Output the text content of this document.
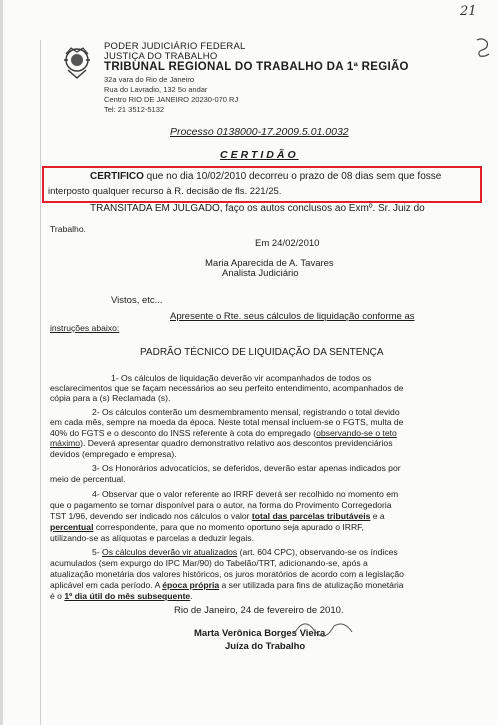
PODER JUDICIÁRIO FEDERAL
JUSTIÇA DO TRABALHO
TRIBUNAL REGIONAL DO TRABALHO DA 1ª REGIÃO
32a vara do Rio de Janeiro
Rua do Lavradio, 132 5o andar
Centro RIO DE JANEIRO 20230-070 RJ
Tel: 21 3512-5132
21
Processo 0138000-17.2009.5.01.0032
CERTIDÃO
CERTIFICO que no dia 10/02/2010 decorreu o prazo de 08 dias sem que fosse
interposto qualquer recurso à R. decisão de fls. 221/25.
TRANSITADA EM JULGADO, faço os autos conclusos ao Exmº. Sr. Juiz do
Trabalho.
Em 24/02/2010
Maria Aparecida de A. Tavares
Analista Judiciário
Vistos, etc...
Apresente o Rte. seus cálculos de liquidação conforme as
instruções abaixo:
PADRÃO TÉCNICO DE LIQUIDAÇÃO DA SENTENÇA
1- Os cálculos de liquidação deverão vir acompanhados de todos os
esclarecimentos que se façam necessários ao seu perfeito entendimento, acompanhados de
cópia para a (s) Reclamada (s).
2- Os cálculos conterão um desmembramento mensal, registrando o total devido
em cada mês, sempre na moeda da época. Neste total mensal incluem-se o FGTS, multa de
40% do FGTS e o desconto do INSS referente à cota do empregado (observando-se o teto
máximo). Deverá apresentar quadro demonstrativo relativo aos descontos previdenciários
devidos (empregado e empresa).
3- Os Honorários advocatícios, se deferidos, deverão estar apenas indicados por
meio de percentual.
4- Observar que o valor referente ao IRRF deverá ser recolhido no momento em
que o pagamento se tornar disponível para o autor, na forma do Provimento Corregedoria
TST 1/96, devendo ser indicado nos cálculos o valor total das parcelas tributáveis e a
percentual correspondente, para que no momento oportuno seja apurado o IRRF,
utilizando-se as alíquotas e parcelas a deduzir legais.
5- Os cálculos deverão vir atualizados (art. 604 CPC), observando-se os índices
acumulados (sem expurgo do IPC Mar/90) do Tabelão/TRT, adicionando-se, após a
atualização monetária dos valores históricos, os juros moratórios de acordo com a legislação
aplicável em cada período. A época própria a ser utilizada para fins de atulização monetária
é o 1º dia útil do mês subsequente.
Rio de Janeiro, 24 de fevereiro de 2010.
Marta Verônica Borges Vieira
Juíza do Trabalho
